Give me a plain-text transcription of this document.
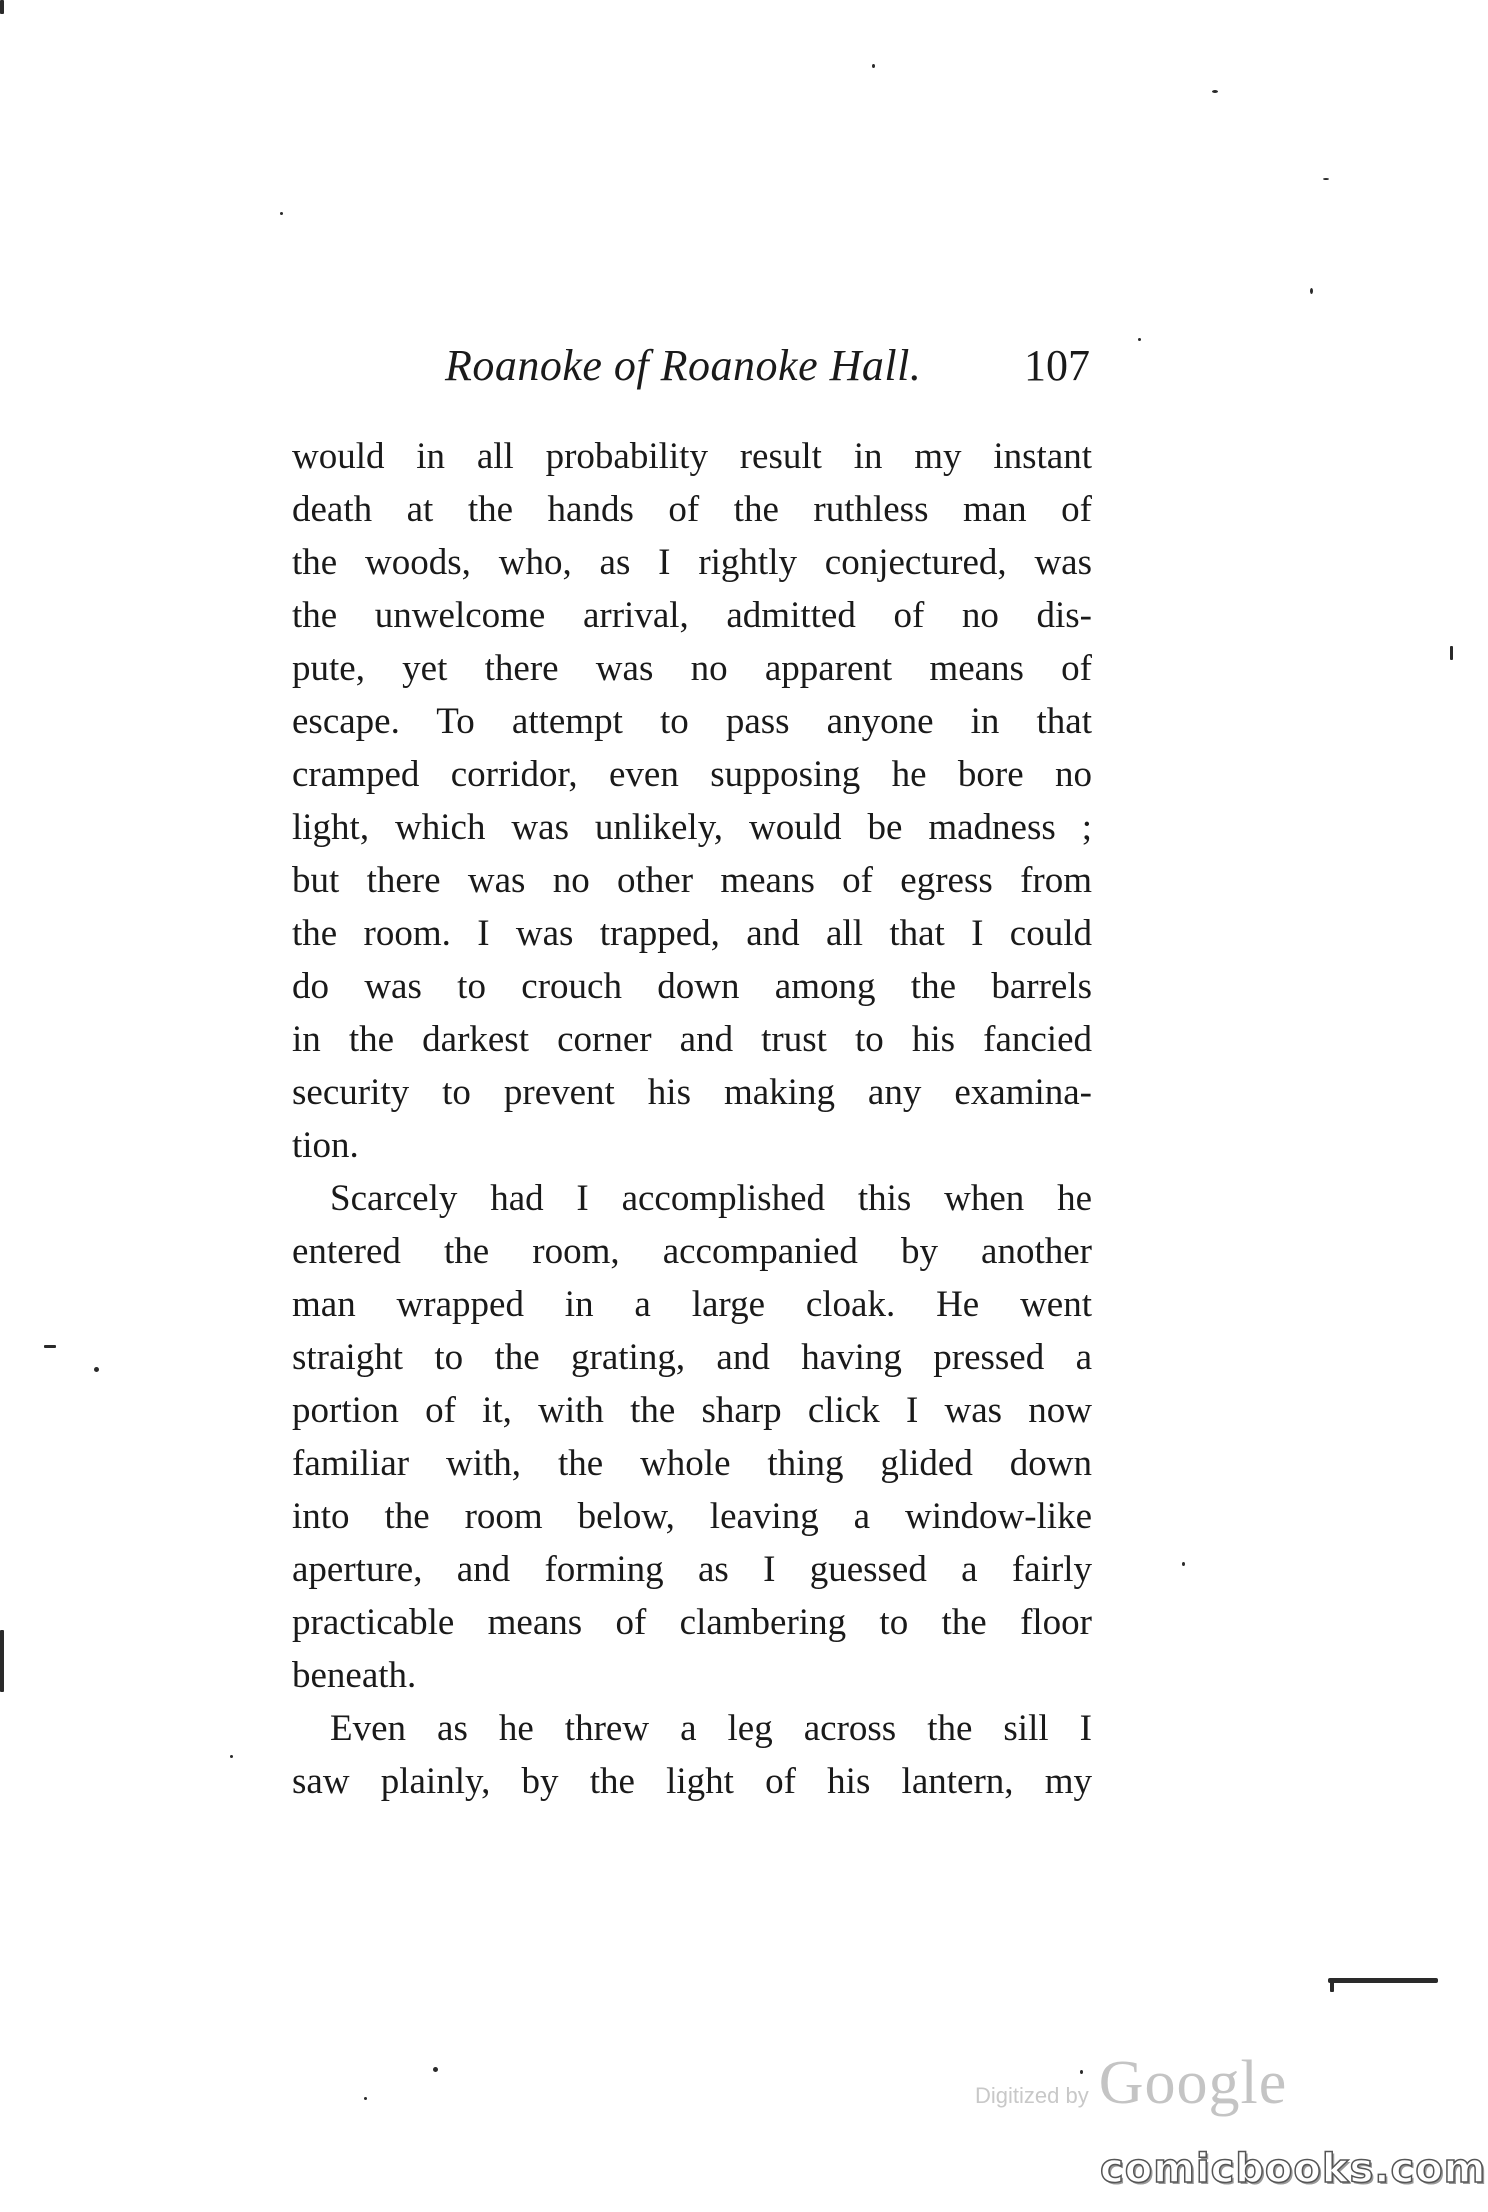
Roanoke of Roanoke Hall. 107
would in all probability result in my instant
death at the hands of the ruthless man of
the woods, who, as I rightly conjectured, was
the unwelcome arrival, admitted of no dis-
pute, yet there was no apparent means of
escape. To attempt to pass anyone in that
cramped corridor, even supposing he bore no
light, which was unlikely, would be madness ;
but there was no other means of egress from
the room. I was trapped, and all that I could
do was to crouch down among the barrels
in the darkest corner and trust to his fancied
security to prevent his making any examina-
tion.
Scarcely had I accomplished this when he
entered the room, accompanied by another
man wrapped in a large cloak. He went
straight to the grating, and having pressed a
portion of it, with the sharp click I was now
familiar with, the whole thing glided down
into the room below, leaving a window-like
aperture, and forming as I guessed a fairly
practicable means of clambering to the floor
beneath.
Even as he threw a leg across the sill I
saw plainly, by the light of his lantern, my
Digitized by Google
comicbooks.com
